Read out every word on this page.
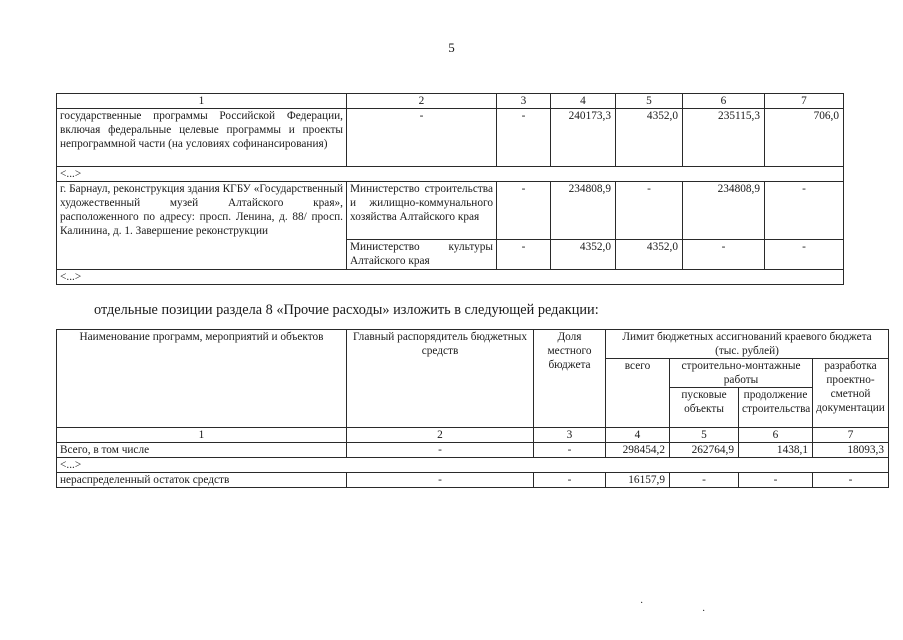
5
1	2	3	4	5	6	7
государственные программы Российской Федерации, включая федеральные целевые программы и проекты непрограммной части (на условиях софинансирования)	-	-	240173,3	4352,0	235115,3	706,0
<...>						
г. Барнаул, реконструкция здания КГБУ «Государственный художественный музей Алтайского края», расположенного по адресу: просп. Ленина, д. 88/ просп. Калинина, д. 1. Завершение реконструкции	Министерство строительства и жилищно-коммунального хозяйства Алтайского края	-	234808,9	-	234808,9	-
	Министерство культуры Алтайского края	-	4352,0	4352,0	-	-
<...>						
отдельные позиции раздела 8 «Прочие расходы» изложить в следующей редакции:
Наименование программ, мероприятий и объектов	Главный распорядитель бюджетных средств	Доля местного бюджета	Лимит бюджетных ассигнований краевого бюджета (тыс. рублей)			
			всего	строительно-монтажные работы		разработка проектно-сметной документации
				пусковые объекты	продолжение строительства	
1	2	3	4	5	6	7
Всего, в том числе	-	-	298454,2	262764,9	1438,1	18093,3
<...>						
нераспределенный остаток средств	-	-	16157,9	-	-	-
·
·
